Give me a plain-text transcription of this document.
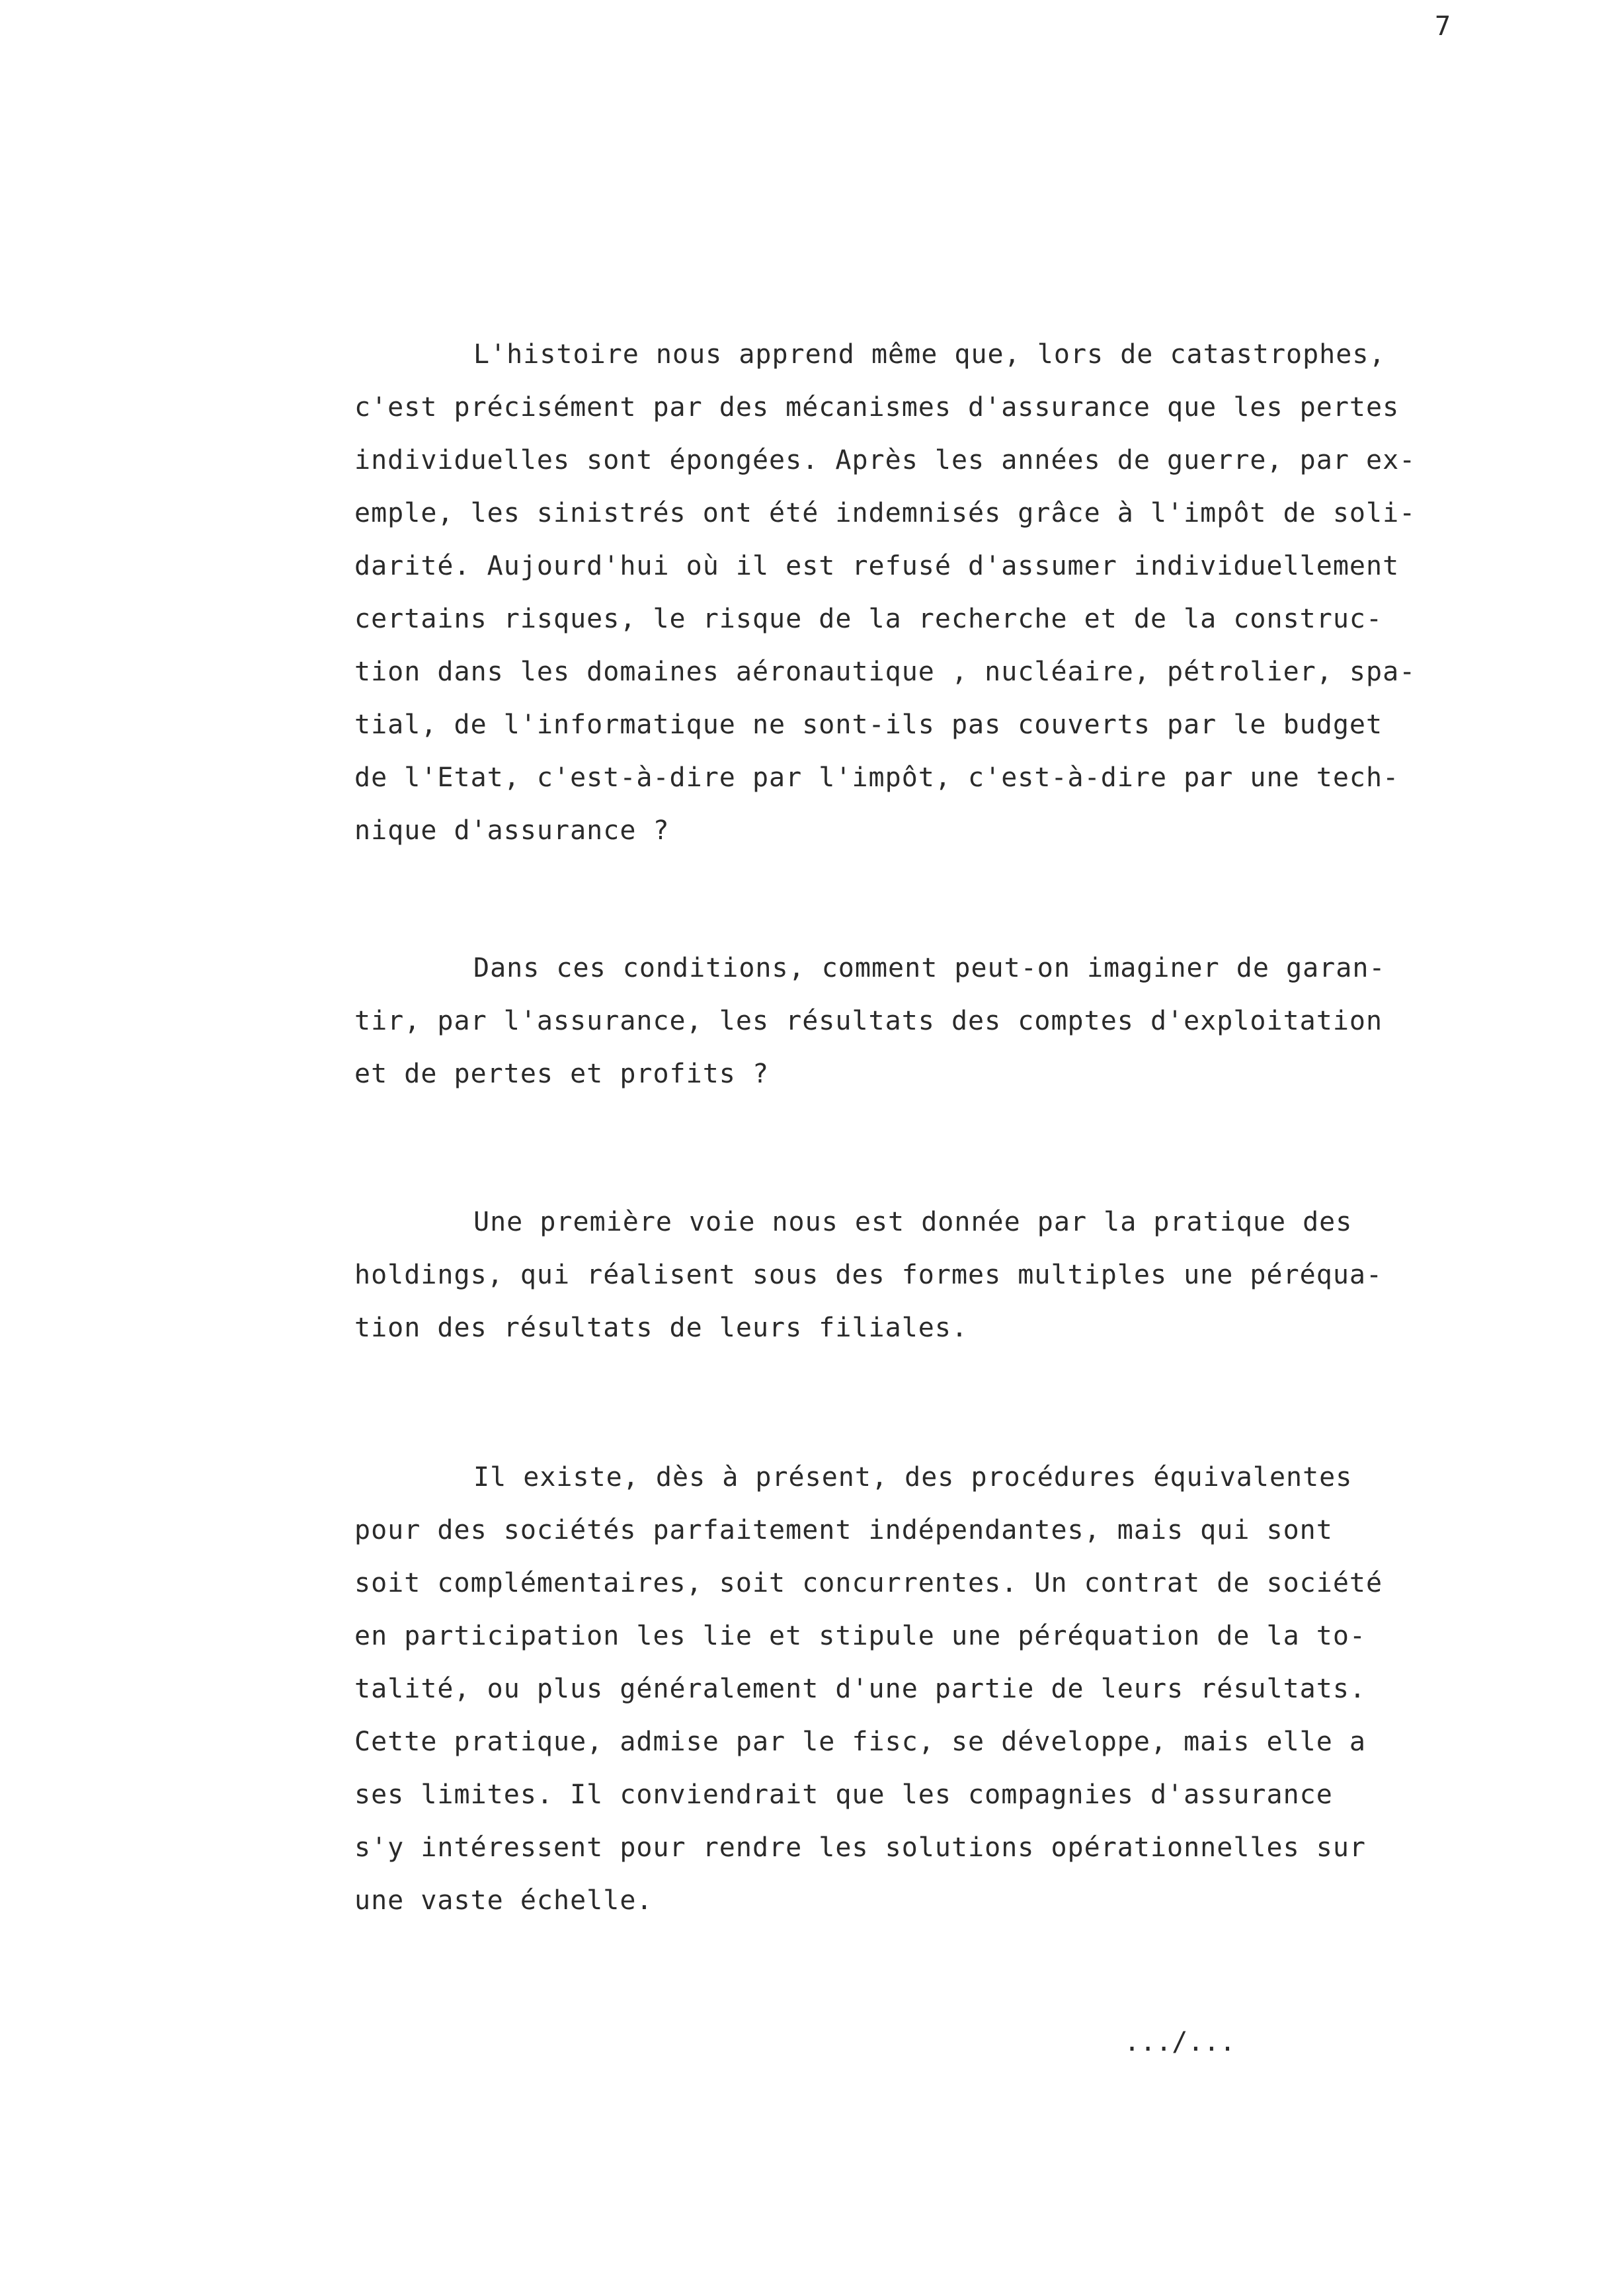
7
L'histoire nous apprend même que, lors de catastrophes,
c'est précisément par des mécanismes d'assurance que les pertes
individuelles sont épongées. Après les années de guerre, par ex-
emple, les sinistrés ont été indemnisés grâce à l'impôt de soli-
darité. Aujourd'hui où il est refusé d'assumer individuellement
certains risques, le risque de la recherche et de la construc-
tion dans les domaines aéronautique , nucléaire, pétrolier, spa-
tial, de l'informatique ne sont-ils pas couverts par le budget
de l'Etat, c'est-à-dire par l'impôt, c'est-à-dire par une tech-
nique d'assurance ?
Dans ces conditions, comment peut-on imaginer de garan-
tir, par l'assurance, les résultats des comptes d'exploitation
et de pertes et profits ?
Une première voie nous est donnée par la pratique des
holdings, qui réalisent sous des formes multiples une péréqua-
tion des résultats de leurs filiales.
Il existe, dès à présent, des procédures équivalentes
pour des sociétés parfaitement indépendantes, mais qui sont
soit complémentaires, soit concurrentes. Un contrat de société
en participation les lie et stipule une péréquation de la to-
talité, ou plus généralement d'une partie de leurs résultats.
Cette pratique, admise par le fisc, se développe, mais elle a
ses limites. Il conviendrait que les compagnies d'assurance
s'y intéressent pour rendre les solutions opérationnelles sur
une vaste échelle.
.../...
